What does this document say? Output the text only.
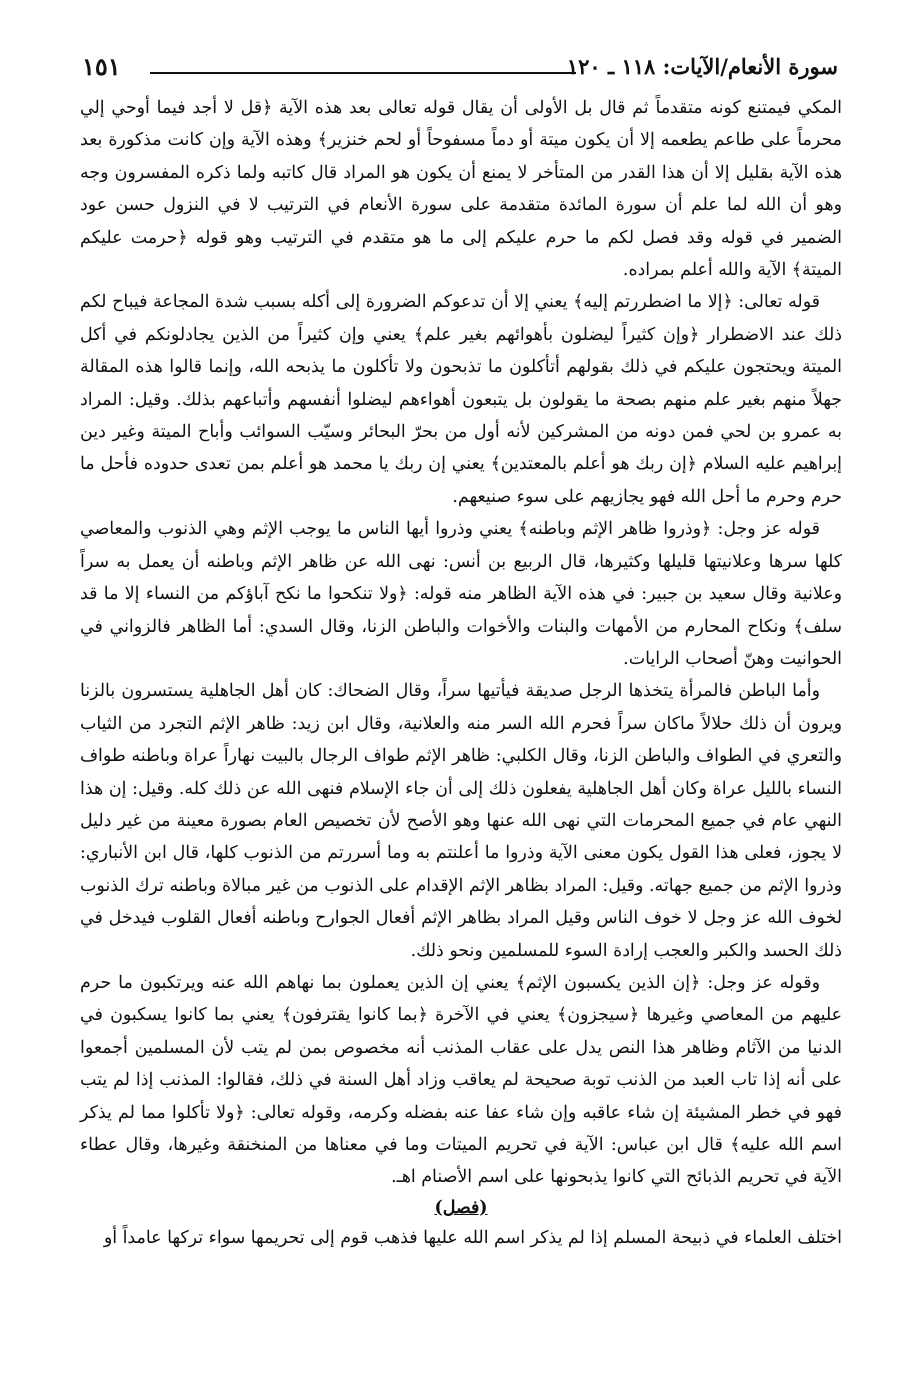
سورة الأنعام/الآيات: ١١٨ ـ ١٢٠
١٥١

المكي فيمتنع كونه متقدماً ثم قال بل الأولى أن يقال قوله تعالى بعد هذه الآية ﴿قل لا أجد فيما أوحي إلي محرماً على طاعم يطعمه إلا أن يكون ميتة أو دماً مسفوحاً أو لحم خنزير﴾ وهذه الآية وإن كانت مذكورة بعد هذه الآية بقليل إلا أن هذا القدر من المتأخر لا يمنع أن يكون هو المراد قال كاتبه ولما ذكره المفسرون وجه وهو أن الله لما علم أن سورة المائدة متقدمة على سورة الأنعام في الترتيب لا في النزول حسن عود الضمير في قوله وقد فصل لكم ما حرم عليكم إلى ما هو متقدم في الترتيب وهو قوله ﴿حرمت عليكم الميتة﴾ الآية والله أعلم بمراده.

قوله تعالى: ﴿إلا ما اضطررتم إليه﴾ يعني إلا أن تدعوكم الضرورة إلى أكله بسبب شدة المجاعة فيباح لكم ذلك عند الاضطرار ﴿وإن كثيراً ليضلون بأهوائهم بغير علم﴾ يعني وإن كثيراً من الذين يجادلونكم في أكل الميتة ويحتجون عليكم في ذلك بقولهم أتأكلون ما تذبحون ولا تأكلون ما يذبحه الله، وإنما قالوا هذه المقالة جهلاً منهم بغير علم منهم بصحة ما يقولون بل يتبعون أهواءهم ليضلوا أنفسهم وأتباعهم بذلك. وقيل: المراد به عمرو بن لحي فمن دونه من المشركين لأنه أول من بحرّ البحائر وسيّب السوائب وأباح الميتة وغير دين إبراهيم عليه السلام ﴿إن ربك هو أعلم بالمعتدين﴾ يعني إن ربك يا محمد هو أعلم بمن تعدى حدوده فأحل ما حرم وحرم ما أحل الله فهو يجازيهم على سوء صنيعهم.

قوله عز وجل: ﴿وذروا ظاهر الإثم وباطنه﴾ يعني وذروا أيها الناس ما يوجب الإثم وهي الذنوب والمعاصي كلها سرها وعلانيتها قليلها وكثيرها، قال الربيع بن أنس: نهى الله عن ظاهر الإثم وباطنه أن يعمل به سراً وعلانية وقال سعيد بن جبير: في هذه الآية الظاهر منه قوله: ﴿ولا تنكحوا ما نكح آباؤكم من النساء إلا ما قد سلف﴾ ونكاح المحارم من الأمهات والبنات والأخوات والباطن الزنا، وقال السدي: أما الظاهر فالزواني في الحوانيت وهنّ أصحاب الرايات.

وأما الباطن فالمرأة يتخذها الرجل صديقة فيأتيها سراً، وقال الضحاك: كان أهل الجاهلية يستسرون بالزنا ويرون أن ذلك حلالاً ماكان سراً فحرم الله السر منه والعلانية، وقال ابن زيد: ظاهر الإثم التجرد من الثياب والتعري في الطواف والباطن الزنا، وقال الكلبي: ظاهر الإثم طواف الرجال بالبيت نهاراً عراة وباطنه طواف النساء بالليل عراة وكان أهل الجاهلية يفعلون ذلك إلى أن جاء الإسلام فنهى الله عن ذلك كله. وقيل: إن هذا النهي عام في جميع المحرمات التي نهى الله عنها وهو الأصح لأن تخصيص العام بصورة معينة من غير دليل لا يجوز، فعلى هذا القول يكون معنى الآية وذروا ما أعلنتم به وما أسررتم من الذنوب كلها، قال ابن الأنباري: وذروا الإثم من جميع جهاته. وقيل: المراد بظاهر الإثم الإقدام على الذنوب من غير مبالاة وباطنه ترك الذنوب لخوف الله عز وجل لا خوف الناس وقيل المراد بظاهر الإثم أفعال الجوارح وباطنه أفعال القلوب فيدخل في ذلك الحسد والكبر والعجب إرادة السوء للمسلمين ونحو ذلك.

وقوله عز وجل: ﴿إن الذين يكسبون الإثم﴾ يعني إن الذين يعملون بما نهاهم الله عنه ويرتكبون ما حرم عليهم من المعاصي وغيرها ﴿سيجزون﴾ يعني في الآخرة ﴿بما كانوا يقترفون﴾ يعني بما كانوا يسكبون في الدنيا من الآثام وظاهر هذا النص يدل على عقاب المذنب أنه مخصوص بمن لم يتب لأن المسلمين أجمعوا على أنه إذا تاب العبد من الذنب توبة صحيحة لم يعاقب وزاد أهل السنة في ذلك، فقالوا: المذنب إذا لم يتب فهو في خطر المشيئة إن شاء عاقبه وإن شاء عفا عنه بفضله وكرمه، وقوله تعالى: ﴿ولا تأكلوا مما لم يذكر اسم الله عليه﴾ قال ابن عباس: الآية في تحريم الميتات وما في معناها من المنخنقة وغيرها، وقال عطاء الآية في تحريم الذبائح التي كانوا يذبحونها على اسم الأصنام اهـ.

(فصل)

اختلف العلماء في ذبيحة المسلم إذا لم يذكر اسم الله عليها فذهب قوم إلى تحريمها سواء تركها عامداً أو
